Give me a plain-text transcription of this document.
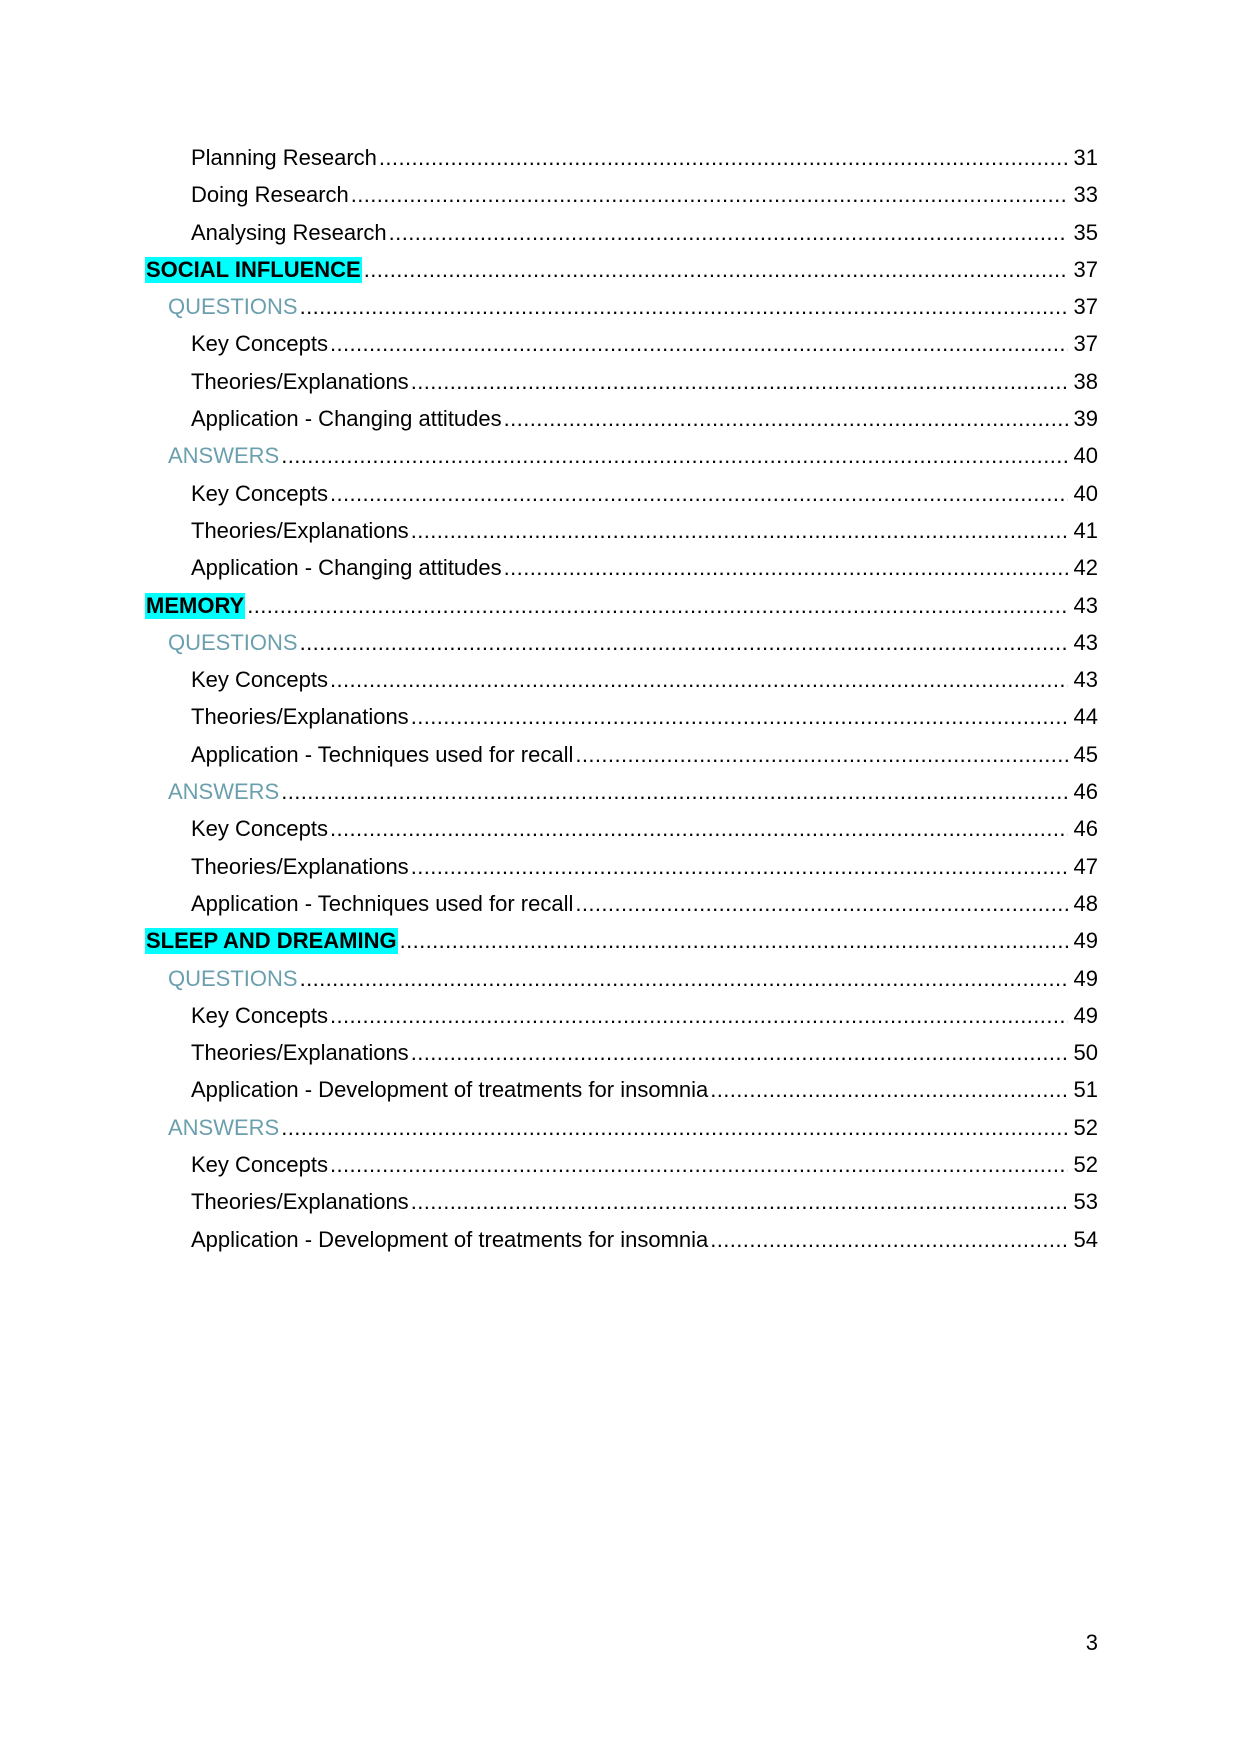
Planning Research .....	31
Doing Research .....	33
Analysing Research .....	35
SOCIAL INFLUENCE .....	37
QUESTIONS .....	37
Key Concepts .....	37
Theories/Explanations .....	38
Application - Changing attitudes .....	39
ANSWERS .....	40
Key Concepts .....	40
Theories/Explanations .....	41
Application - Changing attitudes .....	42
MEMORY .....	43
QUESTIONS .....	43
Key Concepts .....	43
Theories/Explanations .....	44
Application - Techniques used for recall .....	45
ANSWERS .....	46
Key Concepts .....	46
Theories/Explanations .....	47
Application - Techniques used for recall .....	48
SLEEP AND DREAMING .....	49
QUESTIONS .....	49
Key Concepts .....	49
Theories/Explanations .....	50
Application - Development of treatments for insomnia .....	51
ANSWERS .....	52
Key Concepts .....	52
Theories/Explanations .....	53
Application - Development of treatments for insomnia .....	54
3
